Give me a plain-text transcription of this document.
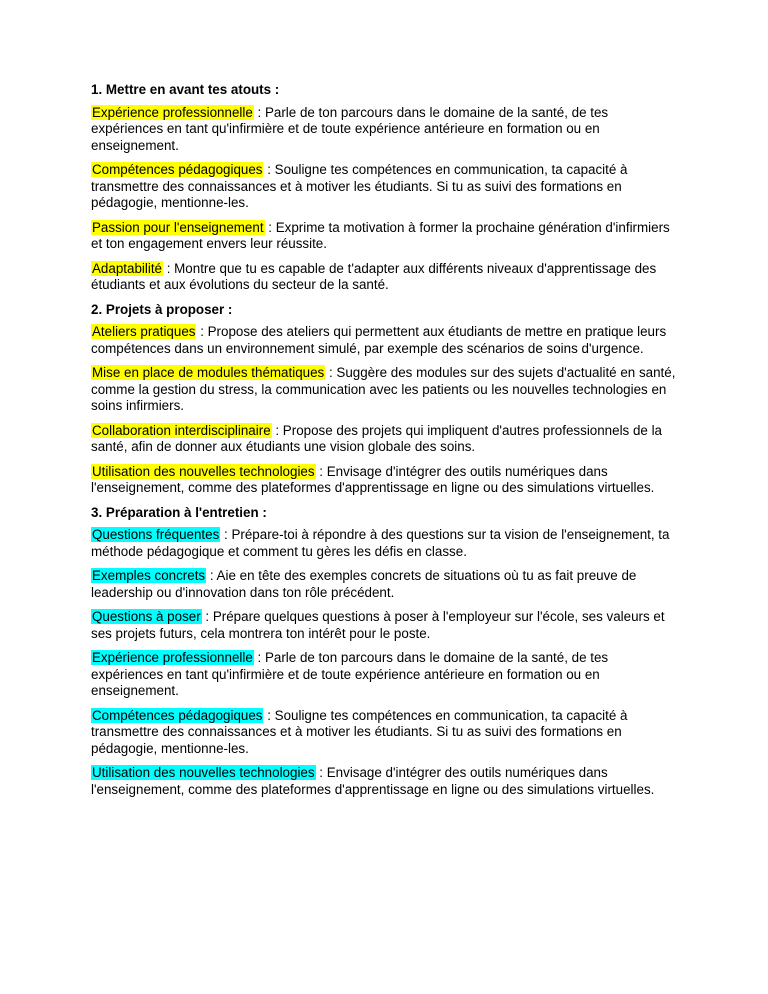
1. Mettre en avant tes atouts :

Expérience professionnelle : Parle de ton parcours dans le domaine de la santé, de tes expériences en tant qu'infirmière et de toute expérience antérieure en formation ou en enseignement.

Compétences pédagogiques : Souligne tes compétences en communication, ta capacité à transmettre des connaissances et à motiver les étudiants. Si tu as suivi des formations en pédagogie, mentionne-les.

Passion pour l'enseignement : Exprime ta motivation à former la prochaine génération d'infirmiers et ton engagement envers leur réussite.

Adaptabilité : Montre que tu es capable de t'adapter aux différents niveaux d'apprentissage des étudiants et aux évolutions du secteur de la santé.

2. Projets à proposer :

Ateliers pratiques : Propose des ateliers qui permettent aux étudiants de mettre en pratique leurs compétences dans un environnement simulé, par exemple des scénarios de soins d'urgence.

Mise en place de modules thématiques : Suggère des modules sur des sujets d'actualité en santé, comme la gestion du stress, la communication avec les patients ou les nouvelles technologies en soins infirmiers.

Collaboration interdisciplinaire : Propose des projets qui impliquent d'autres professionnels de la santé, afin de donner aux étudiants une vision globale des soins.

Utilisation des nouvelles technologies : Envisage d'intégrer des outils numériques dans l'enseignement, comme des plateformes d'apprentissage en ligne ou des simulations virtuelles.

3. Préparation à l'entretien :

Questions fréquentes : Prépare-toi à répondre à des questions sur ta vision de l'enseignement, ta méthode pédagogique et comment tu gères les défis en classe.

Exemples concrets : Aie en tête des exemples concrets de situations où tu as fait preuve de leadership ou d'innovation dans ton rôle précédent.

Questions à poser : Prépare quelques questions à poser à l'employeur sur l'école, ses valeurs et ses projets futurs, cela montrera ton intérêt pour le poste.

Expérience professionnelle : Parle de ton parcours dans le domaine de la santé, de tes expériences en tant qu'infirmière et de toute expérience antérieure en formation ou en enseignement.

Compétences pédagogiques : Souligne tes compétences en communication, ta capacité à transmettre des connaissances et à motiver les étudiants. Si tu as suivi des formations en pédagogie, mentionne-les.

Utilisation des nouvelles technologies : Envisage d'intégrer des outils numériques dans l'enseignement, comme des plateformes d'apprentissage en ligne ou des simulations virtuelles.
